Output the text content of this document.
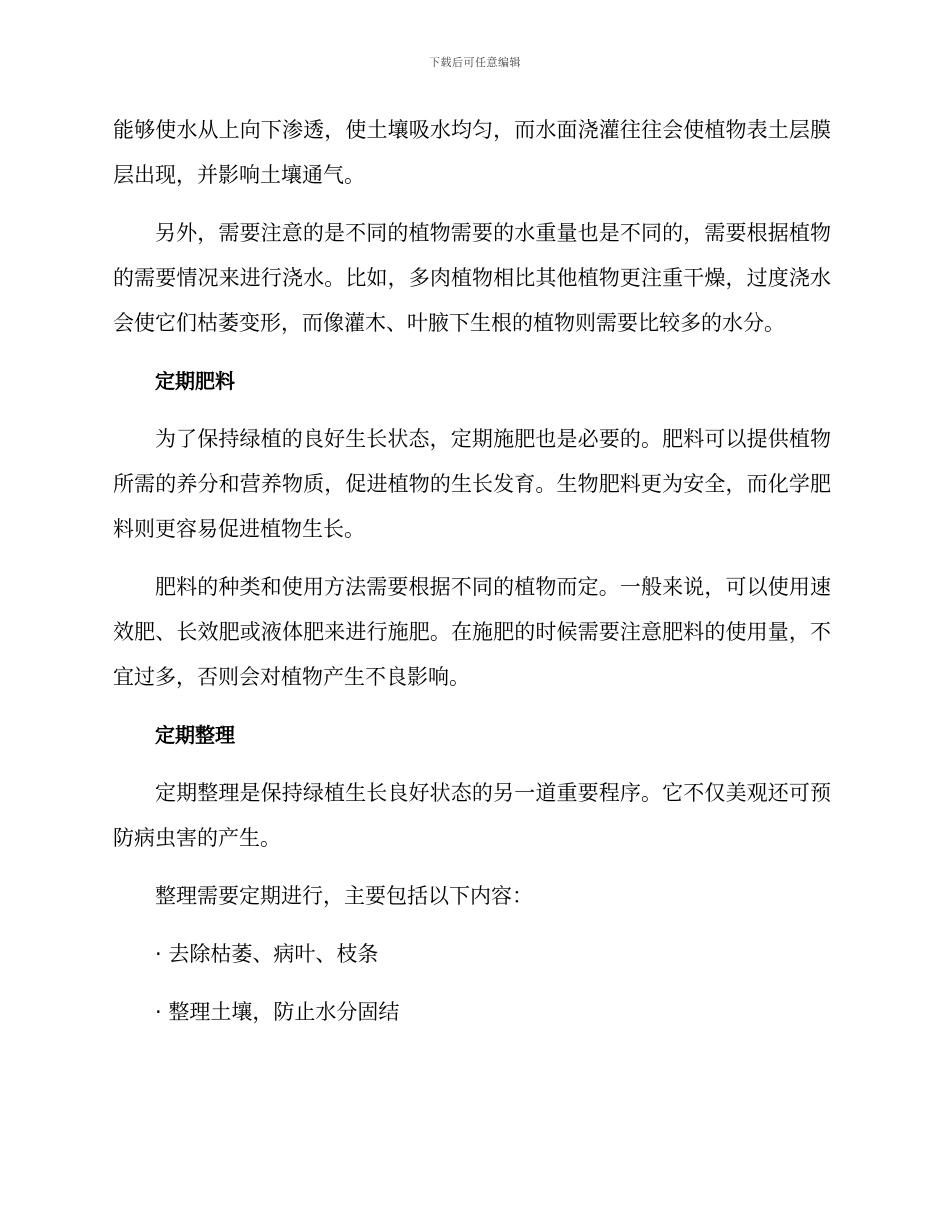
下载后可任意编辑

能够使水从上向下渗透，使土壤吸水均匀，而水面浇灌往往会使植物表土层膜层出现，并影响土壤通气。

另外，需要注意的是不同的植物需要的水重量也是不同的，需要根据植物的需要情况来进行浇水。比如，多肉植物相比其他植物更注重干燥，过度浇水会使它们枯萎变形，而像灌木、叶腋下生根的植物则需要比较多的水分。

定期肥料

为了保持绿植的良好生长状态，定期施肥也是必要的。肥料可以提供植物所需的养分和营养物质，促进植物的生长发育。生物肥料更为安全，而化学肥料则更容易促进植物生长。

肥料的种类和使用方法需要根据不同的植物而定。一般来说，可以使用速效肥、长效肥或液体肥来进行施肥。在施肥的时候需要注意肥料的使用量，不宜过多，否则会对植物产生不良影响。

定期整理

定期整理是保持绿植生长良好状态的另一道重要程序。它不仅美观还可预防病虫害的产生。

整理需要定期进行，主要包括以下内容：

· 去除枯萎、病叶、枝条
· 整理土壤，防止水分固结
